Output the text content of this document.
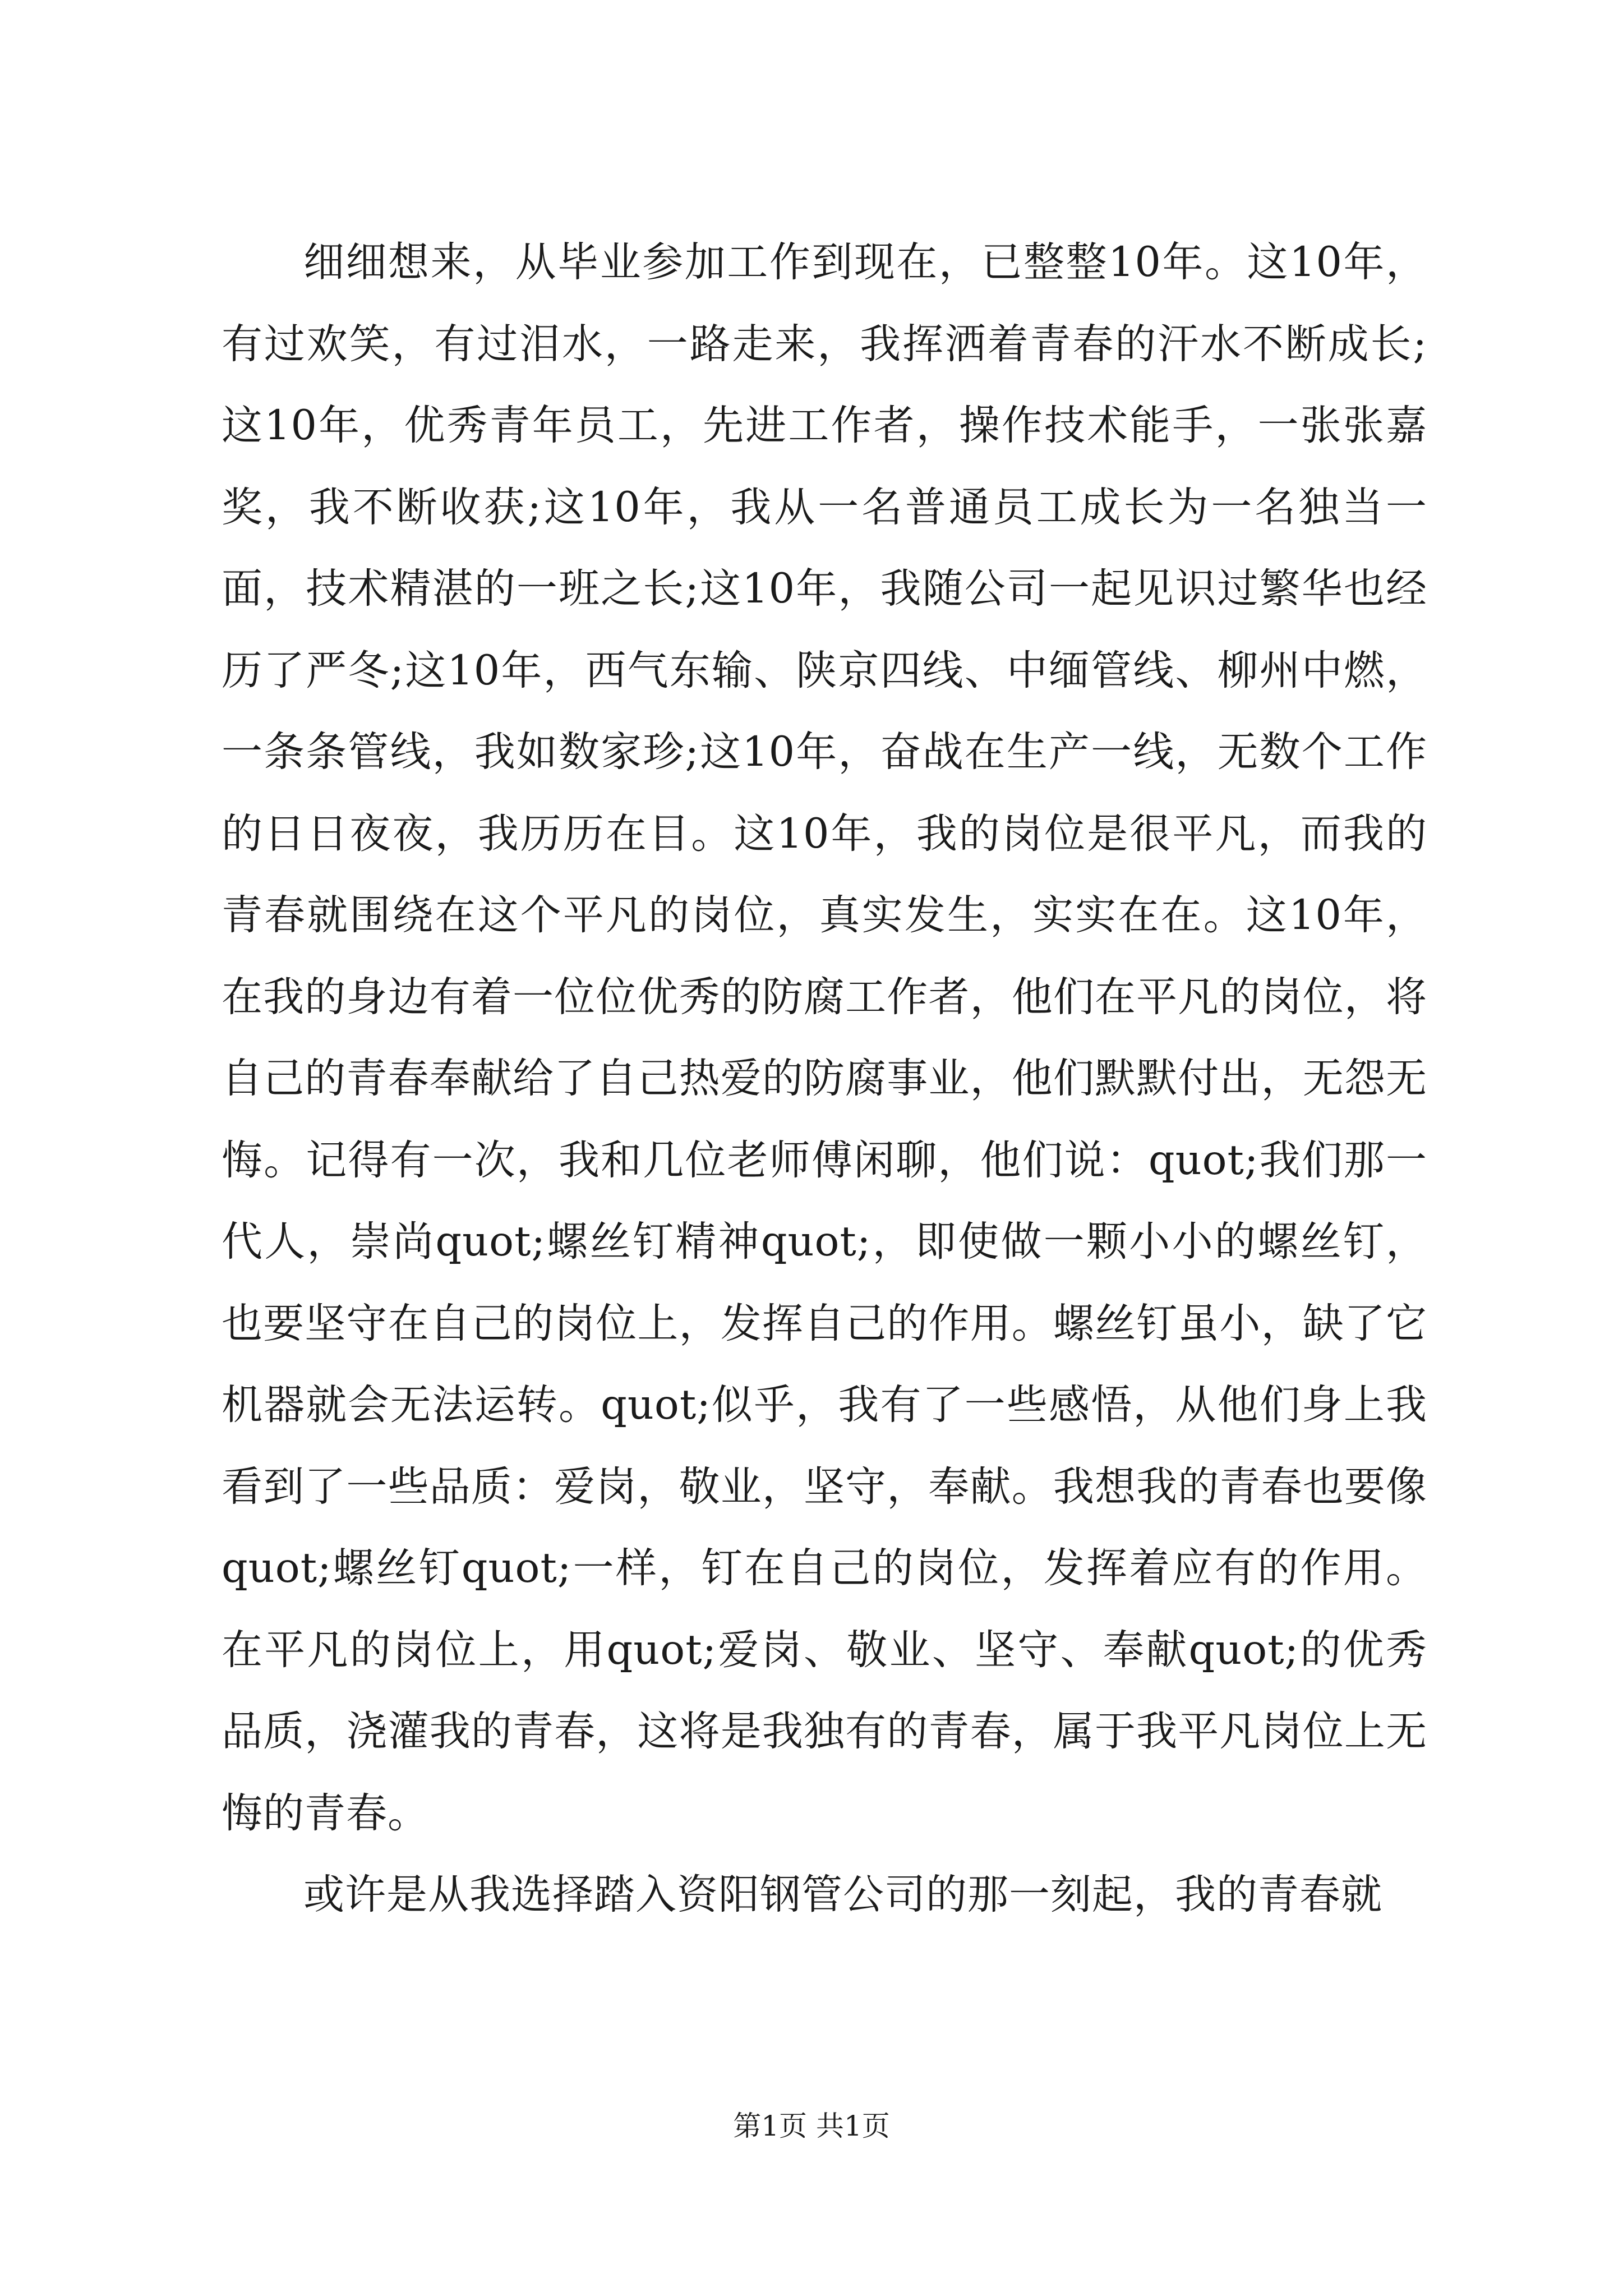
细细想来，从毕业参加工作到现在，已整整10年。这10年，有过欢笑，有过泪水，一路走来，我挥洒着青春的汗水不断成长;这10年，优秀青年员工，先进工作者，操作技术能手，一张张嘉奖，我不断收获;这10年，我从一名普通员工成长为一名独当一面，技术精湛的一班之长;这10年，我随公司一起见识过繁华也经历了严冬;这10年，西气东输、陕京四线、中缅管线、柳州中燃，一条条管线，我如数家珍;这10年，奋战在生产一线，无数个工作的日日夜夜，我历历在目。这10年，我的岗位是很平凡，而我的青春就围绕在这个平凡的岗位，真实发生，实实在在。这10年，在我的身边有着一位位优秀的防腐工作者，他们在平凡的岗位，将自己的青春奉献给了自己热爱的防腐事业，他们默默付出，无怨无悔。记得有一次，我和几位老师傅闲聊，他们说：quot;我们那一代人，崇尚quot;螺丝钉精神quot;，即使做一颗小小的螺丝钉，也要坚守在自己的岗位上，发挥自己的作用。螺丝钉虽小，缺了它机器就会无法运转。quot;似乎，我有了一些感悟，从他们身上我看到了一些品质：爱岗，敬业，坚守，奉献。我想我的青春也要像quot;螺丝钉quot;一样，钉在自己的岗位，发挥着应有的作用。在平凡的岗位上，用quot;爱岗、敬业、坚守、奉献quot;的优秀品质，浇灌我的青春，这将是我独有的青春，属于我平凡岗位上无悔的青春。

或许是从我选择踏入资阳钢管公司的那一刻起，我的青春就

第1页 共1页
